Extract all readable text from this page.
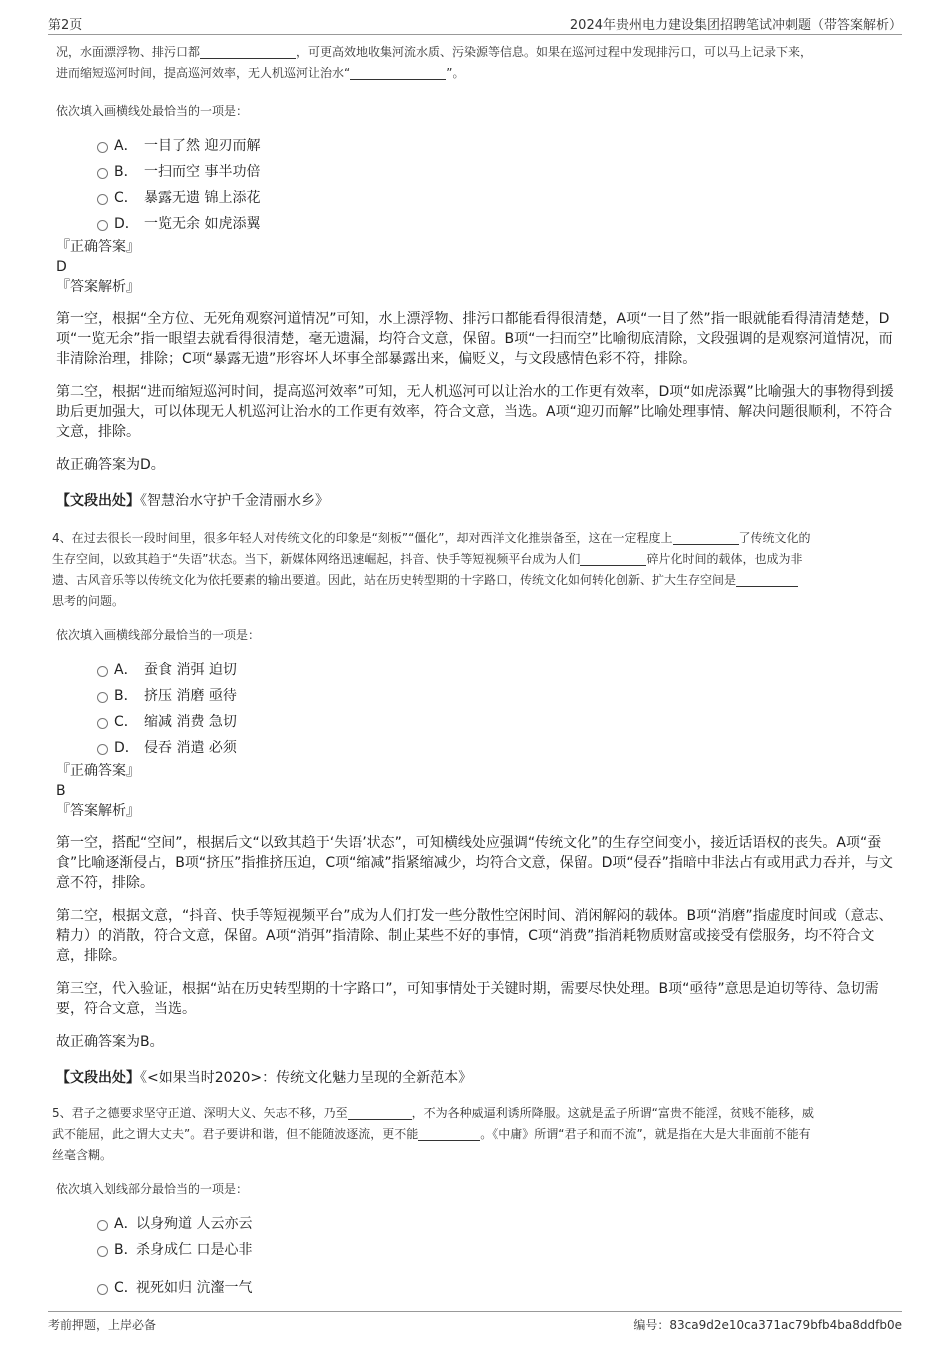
第2页	2024年贵州电力建设集团招聘笔试冲刺题（带答案解析）

况，水面漂浮物、排污口都	，可更高效地收集河流水质、污染源等信息。如果在巡河过程中发现排污口，可以马上记录下来，
进而缩短巡河时间，提高巡河效率，无人机巡河让治水“	”。

依次填入画横线处最恰当的一项是：

A． 一目了然 迎刃而解
B． 一扫而空 事半功倍
C． 暴露无遗 锦上添花
D． 一览无余 如虎添翼

『正确答案』

D

『答案解析』

第一空，根据“全方位、无死角观察河道情况”可知，水上漂浮物、排污口都能看得很清楚，A项“一目了然”指一眼就能看得清清楚楚，D项“一览无余”指一眼望去就看得很清楚，毫无遗漏，均符合文意，保留。B项“一扫而空”比喻彻底清除，文段强调的是观察河道情况，而非清除治理，排除；C项“暴露无遗”形容坏人坏事全部暴露出来，偏贬义，与文段感情色彩不符，排除。

第二空，根据“进而缩短巡河时间，提高巡河效率”可知，无人机巡河可以让治水的工作更有效率，D项“如虎添翼”比喻强大的事物得到援助后更加强大，可以体现无人机巡河让治水的工作更有效率，符合文意，当选。A项“迎刃而解”比喻处理事情、解决问题很顺利，不符合文意，排除。

故正确答案为D。

【文段出处】《智慧治水守护千金清丽水乡》

4、在过去很长一段时间里，很多年轻人对传统文化的印象是“刻板”“僵化”，却对西洋文化推崇备至，这在一定程度上	了传统文化的
生存空间，以致其趋于“失语”状态。当下，新媒体网络迅速崛起，抖音、快手等短视频平台成为人们	碎片化时间的载体，也成为非
遗、古风音乐等以传统文化为依托要素的输出要道。因此，站在历史转型期的十字路口，传统文化如何转化创新、扩大生存空间是
思考的问题。

依次填入画横线部分最恰当的一项是：

A． 蚕食 消弭 迫切
B． 挤压 消磨 亟待
C． 缩减 消费 急切
D． 侵吞 消遣 必须

『正确答案』

B

『答案解析』

第一空，搭配“空间”，根据后文“以致其趋于‘失语’状态”，可知横线处应强调“传统文化”的生存空间变小，接近话语权的丧失。A项“蚕食”比喻逐渐侵占，B项“挤压”指推挤压迫，C项“缩减”指紧缩减少，均符合文意，保留。D项“侵吞”指暗中非法占有或用武力吞并，与文意不符，排除。

第二空，根据文意，“抖音、快手等短视频平台”成为人们打发一些分散性空闲时间、消闲解闷的载体。B项“消磨”指虚度时间或（意志、精力）的消散，符合文意，保留。A项“消弭”指清除、制止某些不好的事情，C项“消费”指消耗物质财富或接受有偿服务，均不符合文意，排除。

第三空，代入验证，根据“站在历史转型期的十字路口”，可知事情处于关键时期，需要尽快处理。B项“亟待”意思是迫切等待、急切需要，符合文意，当选。

故正确答案为B。

【文段出处】《<如果当时2020>：传统文化魅力呈现的全新范本》

5、君子之德要求坚守正道、深明大义、矢志不移，乃至	，不为各种威逼利诱所降服。这就是孟子所谓“富贵不能淫，贫贱不能移，威
武不能屈，此之谓大丈夫”。君子要讲和谐，但不能随波逐流，更不能	。《中庸》所谓“君子和而不流”，就是指在大是大非面前不能有
丝毫含糊。

依次填入划线部分最恰当的一项是：

A．以身殉道 人云亦云
B．杀身成仁 口是心非
C．视死如归 沆瀣一气
考前押题，上岸必备	编号：83ca9d2e10ca371ac79bfb4ba8ddfb0e
